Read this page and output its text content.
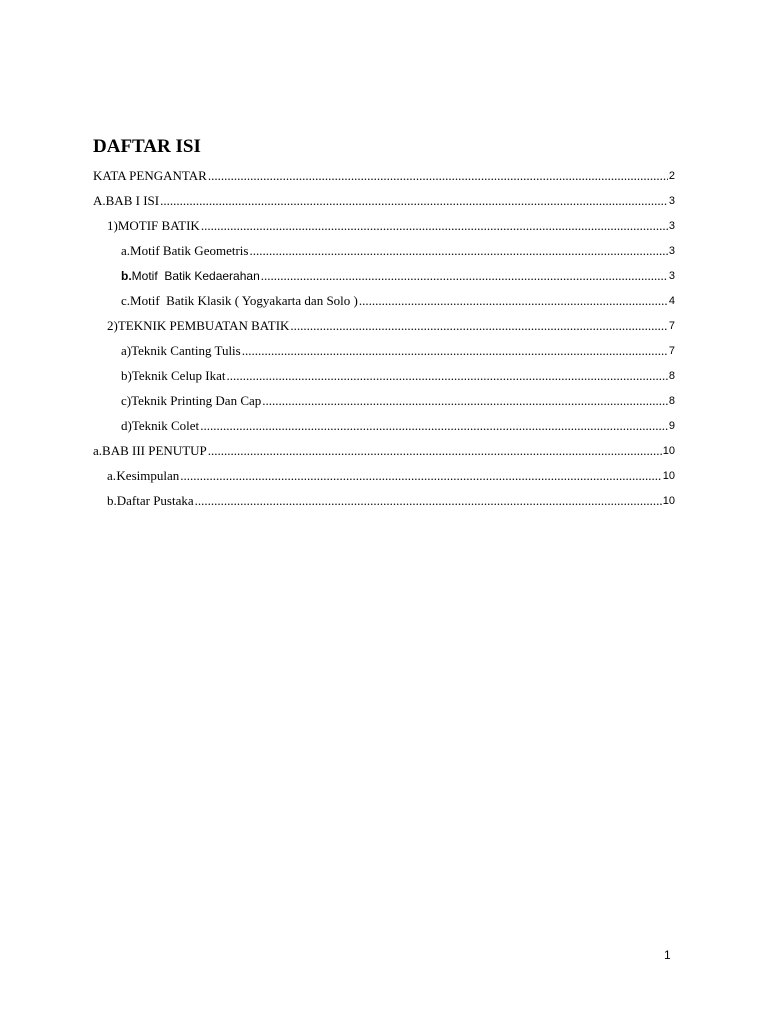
DAFTAR ISI
KATA PENGANTAR .....	2
A. BAB I ISI .....	3
1) MOTIF BATIK .....	3
a. Motif Batik Geometris .....	3
b. Motif  Batik Kedaerahan .....	3
c. Motif  Batik Klasik ( Yogyakarta dan Solo ) .....	4
2) TEKNIK PEMBUATAN BATIK .....	7
a) Teknik Canting Tulis .....	7
b) Teknik Celup Ikat .....	8
c) Teknik Printing Dan Cap .....	8
d) Teknik Colet .....	9
a. BAB III PENUTUP .....	10
a. Kesimpulan .....	10
b. Daftar Pustaka .....	10
1
